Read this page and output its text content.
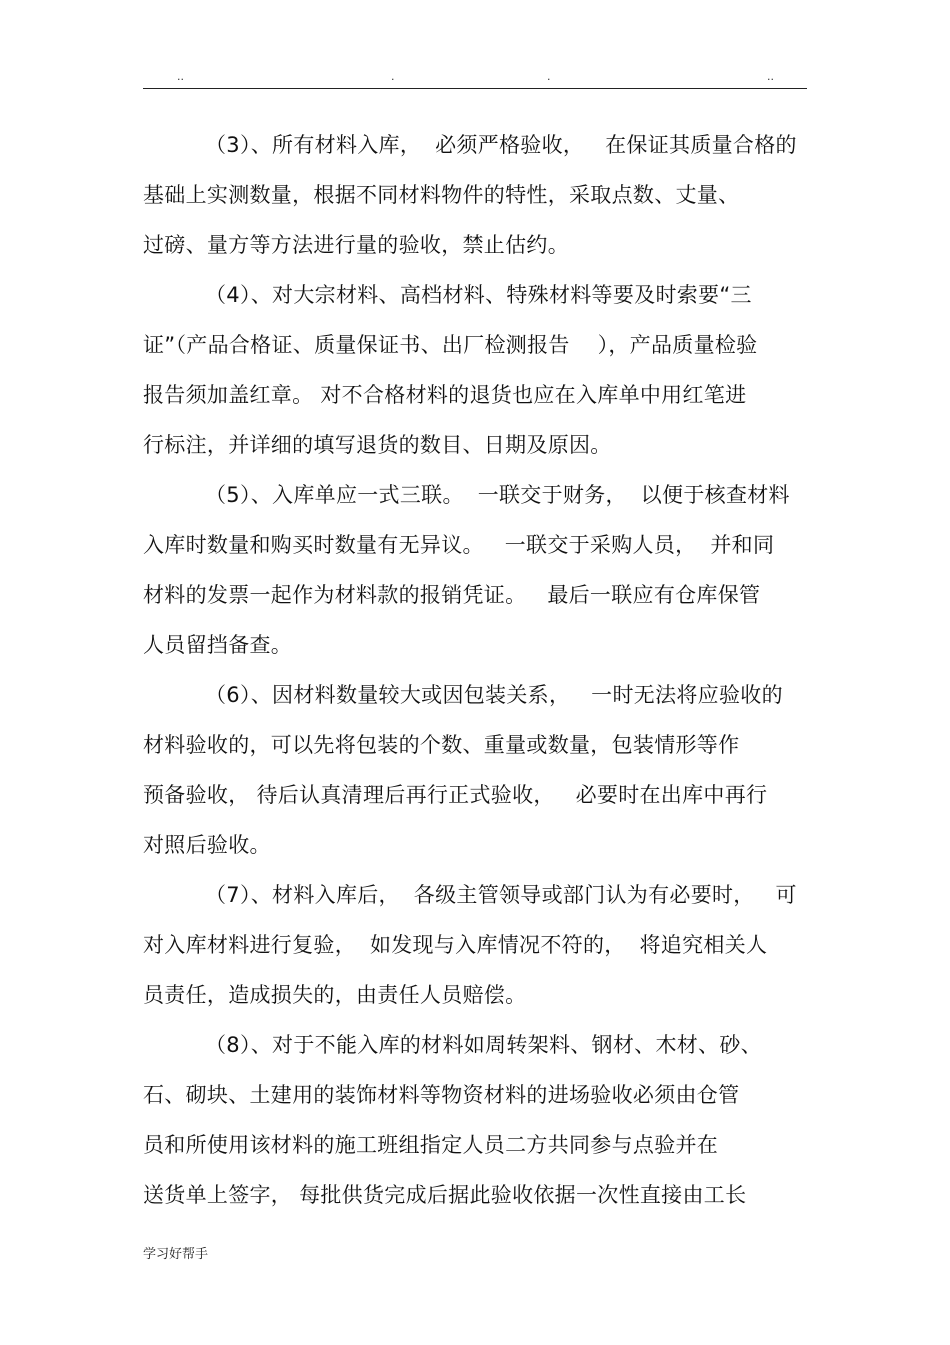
..	.	.	..
（3）、所有材料入库，  必须严格验收，   在保证其质量合格的
基础上实测数量，根据不同材料物件的特性，采取点数、丈量、
过磅、量方等方法进行量的验收，禁止估约。
（4）、对大宗材料、高档材料、特殊材料等要及时索要“三
证”（产品合格证、质量保证书、出厂检测报告    ），产品质量检验
报告须加盖红章。 对不合格材料的退货也应在入库单中用红笔进
行标注，并详细的填写退货的数目、日期及原因。
（5）、入库单应一式三联。  一联交于财务，  以便于核查材料
入库时数量和购买时数量有无异议。   一联交于采购人员，  并和同
材料的发票一起作为材料款的报销凭证。   最后一联应有仓库保管
人员留挡备查。
（6）、因材料数量较大或因包装关系，   一时无法将应验收的
材料验收的，可以先将包装的个数、重量或数量，包装情形等作
预备验收， 待后认真清理后再行正式验收，   必要时在出库中再行
对照后验收。
（7）、材料入库后，  各级主管领导或部门认为有必要时，   可
对入库材料进行复验，  如发现与入库情况不符的，  将追究相关人
员责任，造成损失的，由责任人员赔偿。
（8）、对于不能入库的材料如周转架料、钢材、木材、砂、
石、砌块、土建用的装饰材料等物资材料的进场验收必须由仓管
员和所使用该材料的施工班组指定人员二方共同参与点验并在
送货单上签字， 每批供货完成后据此验收依据一次性直接由工长
学习好帮手
